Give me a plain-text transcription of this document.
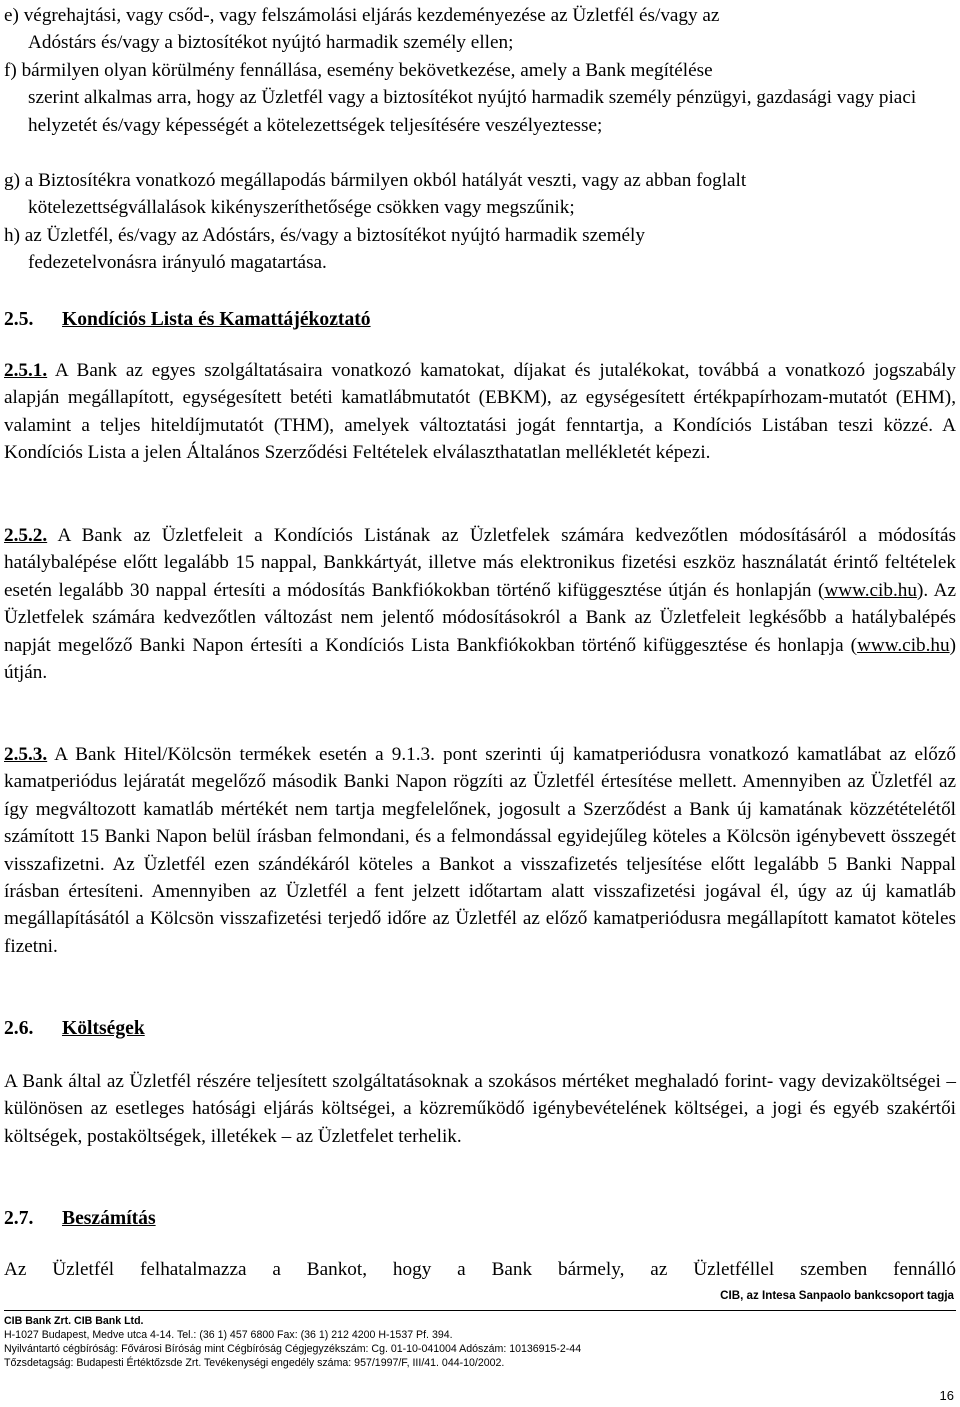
e) végrehajtási, vagy csőd-, vagy felszámolási eljárás kezdeményezése az Üzletfél és/vagy az
Adóstárs és/vagy a biztosítékot nyújtó harmadik személy ellen;
f) bármilyen olyan körülmény fennállása, esemény bekövetkezése, amely a Bank megítélése
szerint alkalmas arra, hogy az Üzletfél vagy a biztosítékot nyújtó harmadik személy pénzügyi, gazdasági vagy piaci helyzetét és/vagy képességét a kötelezettségek teljesítésére veszélyeztesse;
g) a Biztosítékra vonatkozó megállapodás bármilyen okból hatályát veszti, vagy az abban foglalt
kötelezettségvállalások kikényszeríthetősége csökken vagy megszűnik;
h) az Üzletfél, és/vagy az Adóstárs, és/vagy a biztosítékot nyújtó harmadik személy
fedezetelvonásra irányuló magatartása.
2.5. Kondíciós Lista és Kamattájékoztató

2.5.1. A Bank az egyes szolgáltatásaira vonatkozó kamatokat, díjakat és jutalékokat, továbbá a vonatkozó jogszabály alapján megállapított, egységesített betéti kamatlábmutatót (EBKM), az egységesített értékpapírhozam-mutatót (EHM), valamint a teljes hiteldíjmutatót (THM), amelyek változtatási jogát fenntartja, a Kondíciós Listában teszi közzé. A Kondíciós Lista a jelen Általános Szerződési Feltételek elválaszthatatlan mellékletét képezi.

2.5.2. A Bank az Üzletfeleit a Kondíciós Listának az Üzletfelek számára kedvezőtlen módosításáról a módosítás hatálybalépése előtt legalább 15 nappal, Bankkártyát, illetve más elektronikus fizetési eszköz használatát érintő feltételek esetén legalább 30 nappal értesíti a módosítás Bankfiókokban történő kifüggesztése útján és honlapján (www.cib.hu). Az Üzletfelek számára kedvezőtlen változást nem jelentő módosításokról a Bank az Üzletfeleit legkésőbb a hatálybalépés napját megelőző Banki Napon értesíti a Kondíciós Lista Bankfiókokban történő kifüggesztése és honlapja (www.cib.hu) útján.

2.5.3. A Bank Hitel/Kölcsön termékek esetén a 9.1.3. pont szerinti új kamatperiódusra vonatkozó kamatlábat az előző kamatperiódus lejáratát megelőző második Banki Napon rögzíti az Üzletfél értesítése mellett. Amennyiben az Üzletfél az így megváltozott kamatláb mértékét nem tartja megfelelőnek, jogosult a Szerződést a Bank új kamatának közzétételétől számított 15 Banki Napon belül írásban felmondani, és a felmondással egyidejűleg köteles a Kölcsön igénybevett összegét visszafizetni. Az Üzletfél ezen szándékáról köteles a Bankot a visszafizetés teljesítése előtt legalább 5 Banki Nappal írásban értesíteni. Amennyiben az Üzletfél a fent jelzett időtartam alatt visszafizetési jogával él, úgy az új kamatláb megállapításától a Kölcsön visszafizetési terjedő időre az Üzletfél az előző kamatperiódusra megállapított kamatot köteles fizetni.

2.6. Költségek

A Bank által az Üzletfél részére teljesített szolgáltatásoknak a szokásos mértéket meghaladó forint- vagy devizaköltségei – különösen az esetleges hatósági eljárás költségei, a közreműködő igénybevételének költségei, a jogi és egyéb szakértői költségek, postaköltségek, illetékek – az Üzletfelet terhelik.

2.7. Beszámítás

Az Üzletfél felhatalmazza a Bankot, hogy a Bank bármely, az Üzletféllel szemben fennálló

CIB, az Intesa Sanpaolo bankcsoport tagja
CIB Bank Zrt. CIB Bank Ltd.
H-1027 Budapest, Medve utca 4-14. Tel.: (36 1) 457 6800 Fax: (36 1) 212 4200 H-1537 Pf. 394.
Nyilvántartó cégbíróság: Fővárosi Bíróság mint Cégbíróság Cégjegyzékszám: Cg. 01-10-041004 Adószám: 10136915-2-44
Tőzsdetagság: Budapesti Értéktőzsde Zrt. Tevékenységi engedély száma: 957/1997/F, III/41. 044-10/2002.
16
